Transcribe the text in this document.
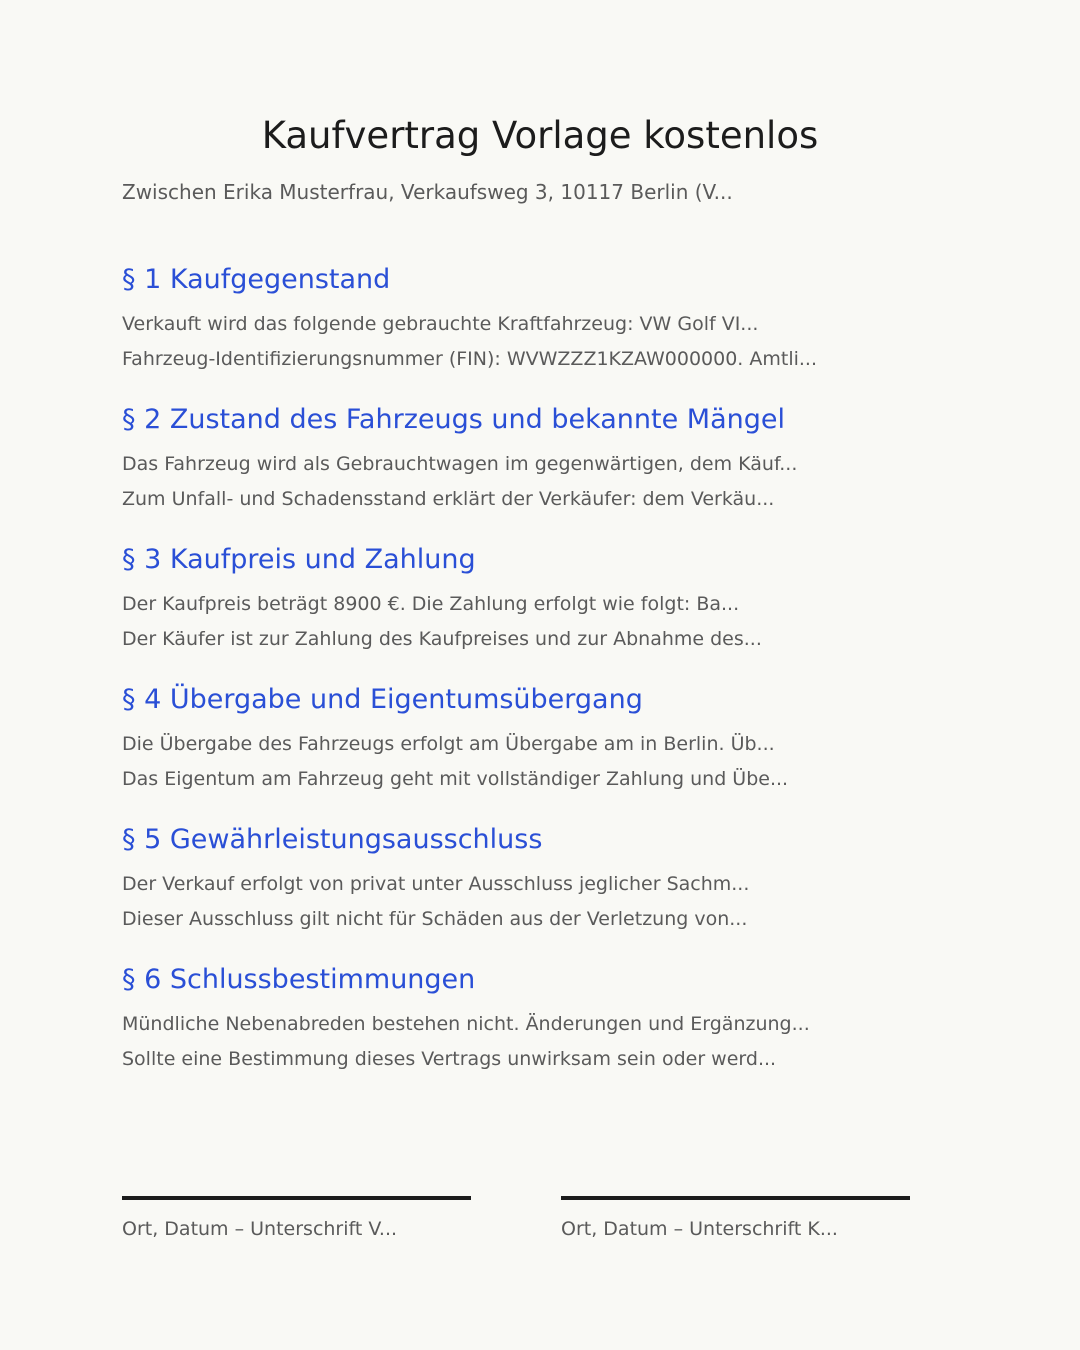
Kaufvertrag Vorlage kostenlos

Zwischen Erika Musterfrau, Verkaufsweg 3, 10117 Berlin (V...

§ 1 Kaufgegenstand

Verkauft wird das folgende gebrauchte Kraftfahrzeug: VW Golf VI...

Fahrzeug-Identifizierungsnummer (FIN): WVWZZZ1KZAW000000. Amtli...

§ 2 Zustand des Fahrzeugs und bekannte Mängel

Das Fahrzeug wird als Gebrauchtwagen im gegenwärtigen, dem Käuf...

Zum Unfall- und Schadensstand erklärt der Verkäufer: dem Verkäu...

§ 3 Kaufpreis und Zahlung

Der Kaufpreis beträgt 8900 €. Die Zahlung erfolgt wie folgt: Ba...

Der Käufer ist zur Zahlung des Kaufpreises und zur Abnahme des...

§ 4 Übergabe und Eigentumsübergang

Die Übergabe des Fahrzeugs erfolgt am Übergabe am in Berlin. Üb...

Das Eigentum am Fahrzeug geht mit vollständiger Zahlung und Übe...

§ 5 Gewährleistungsausschluss

Der Verkauf erfolgt von privat unter Ausschluss jeglicher Sachm...

Dieser Ausschluss gilt nicht für Schäden aus der Verletzung von...

§ 6 Schlussbestimmungen

Mündliche Nebenabreden bestehen nicht. Änderungen und Ergänzung...

Sollte eine Bestimmung dieses Vertrags unwirksam sein oder werd...

Ort, Datum – Unterschrift V...	Ort, Datum – Unterschrift K...
